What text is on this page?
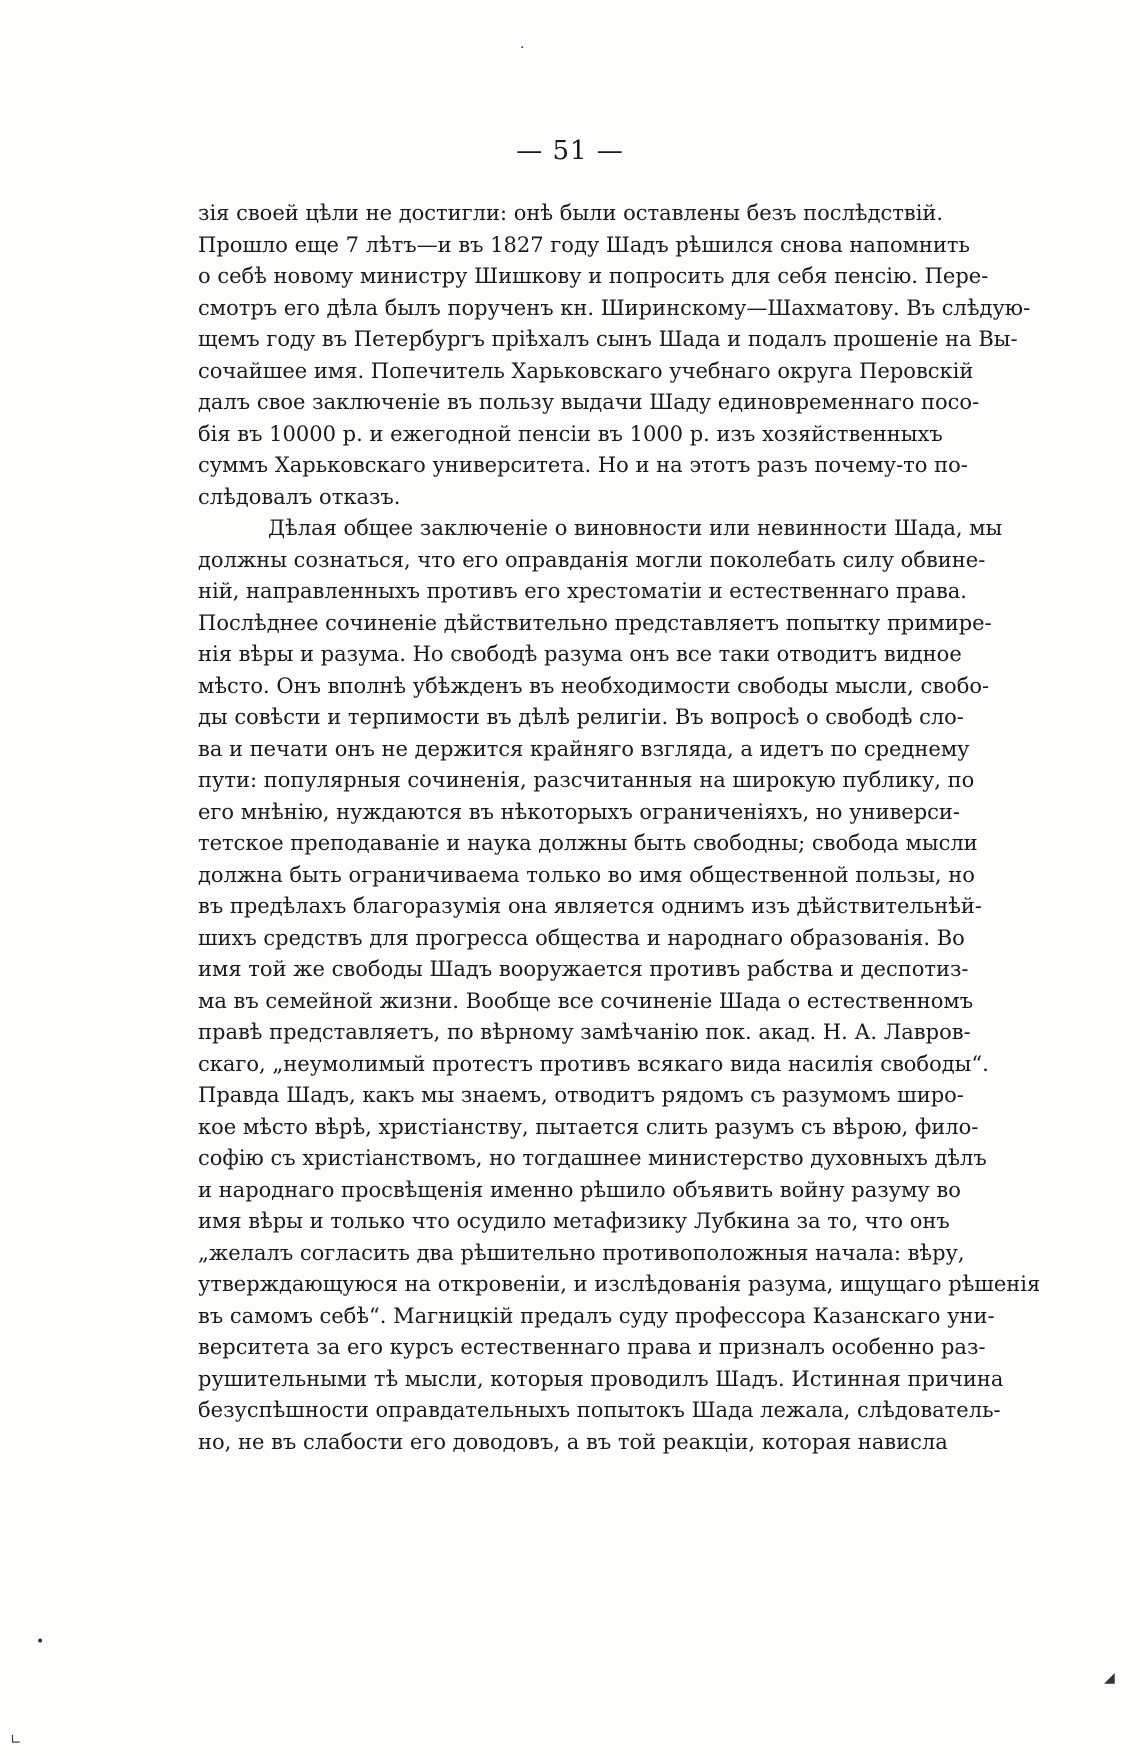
·
— 51 —
зія своей цѣли не достигли: онѣ были оставлены безъ послѣдствій.
Прошло еще 7 лѣтъ—и въ 1827 году Шадъ рѣшился снова напомнить
о себѣ новому министру Шишкову и попросить для себя пенсію. Пере-
смотръ его дѣла былъ порученъ кн. Ширинскому—Шахматову. Въ слѣдую-
щемъ году въ Петербургъ пріѣхалъ сынъ Шада и подалъ прошеніе на Вы-
сочайшее имя. Попечитель Харьковскаго учебнаго округа Перовскій
далъ свое заключеніе въ пользу выдачи Шаду единовременнаго посо-
бія въ 10000 р. и ежегодной пенсіи въ 1000 р. изъ хозяйственныхъ
суммъ Харьковскаго университета. Но и на этотъ разъ почему-то по-
слѣдовалъ отказъ.
Дѣлая общее заключеніе о виновности или невинности Шада, мы
должны сознаться, что его оправданія могли поколебать силу обвине-
ній, направленныхъ противъ его хрестоматіи и естественнаго права.
Послѣднее сочиненіе дѣйствительно представляетъ попытку примире-
нія вѣры и разума. Но свободѣ разума онъ все таки отводитъ видное
мѣсто. Онъ вполнѣ убѣжденъ въ необходимости свободы мысли, свобо-
ды совѣсти и терпимости въ дѣлѣ религіи. Въ вопросѣ о свободѣ сло-
ва и печати онъ не держится крайняго взгляда, а идетъ по среднему
пути: популярныя сочиненія, разсчитанныя на широкую публику, по
его мнѣнію, нуждаются въ нѣкоторыхъ ограниченіяхъ, но универси-
тетское преподаваніе и наука должны быть свободны; свобода мысли
должна быть ограничиваема только во имя общественной пользы, но
въ предѣлахъ благоразумія она является однимъ изъ дѣйствительнѣй-
шихъ средствъ для прогресса общества и народнаго образованія. Во
имя той же свободы Шадъ вооружается противъ рабства и деспотиз-
ма въ семейной жизни. Вообще все сочиненіе Шада о естественномъ
правѣ представляетъ, по вѣрному замѣчанію пок. акад. Н. А. Лавров-
скаго, „неумолимый протестъ противъ всякаго вида насилія свободы“.
Правда Шадъ, какъ мы знаемъ, отводитъ рядомъ съ разумомъ широ-
кое мѣсто вѣрѣ, христіанству, пытается слить разумъ съ вѣрою, фило-
софію съ христіанствомъ, но тогдашнее министерство духовныхъ дѣлъ
и народнаго просвѣщенія именно рѣшило объявить войну разуму во
имя вѣры и только что осудило метафизику Лубкина за то, что онъ
„желалъ согласить два рѣшительно противоположныя начала: вѣру,
утверждающуюся на откровеніи, и изслѣдованія разума, ищущаго рѣшенія
въ самомъ себѣ“. Магницкій предалъ суду профессора Казанскаго уни-
верситета за его курсъ естественнаго права и призналъ особенно раз-
рушительными тѣ мысли, которыя проводилъ Шадъ. Истинная причина
безуспѣшности оправдательныхъ попытокъ Шада лежала, слѣдователь-
но, не въ слабости его доводовъ, а въ той реакціи, которая нависла
•
◢
∟
